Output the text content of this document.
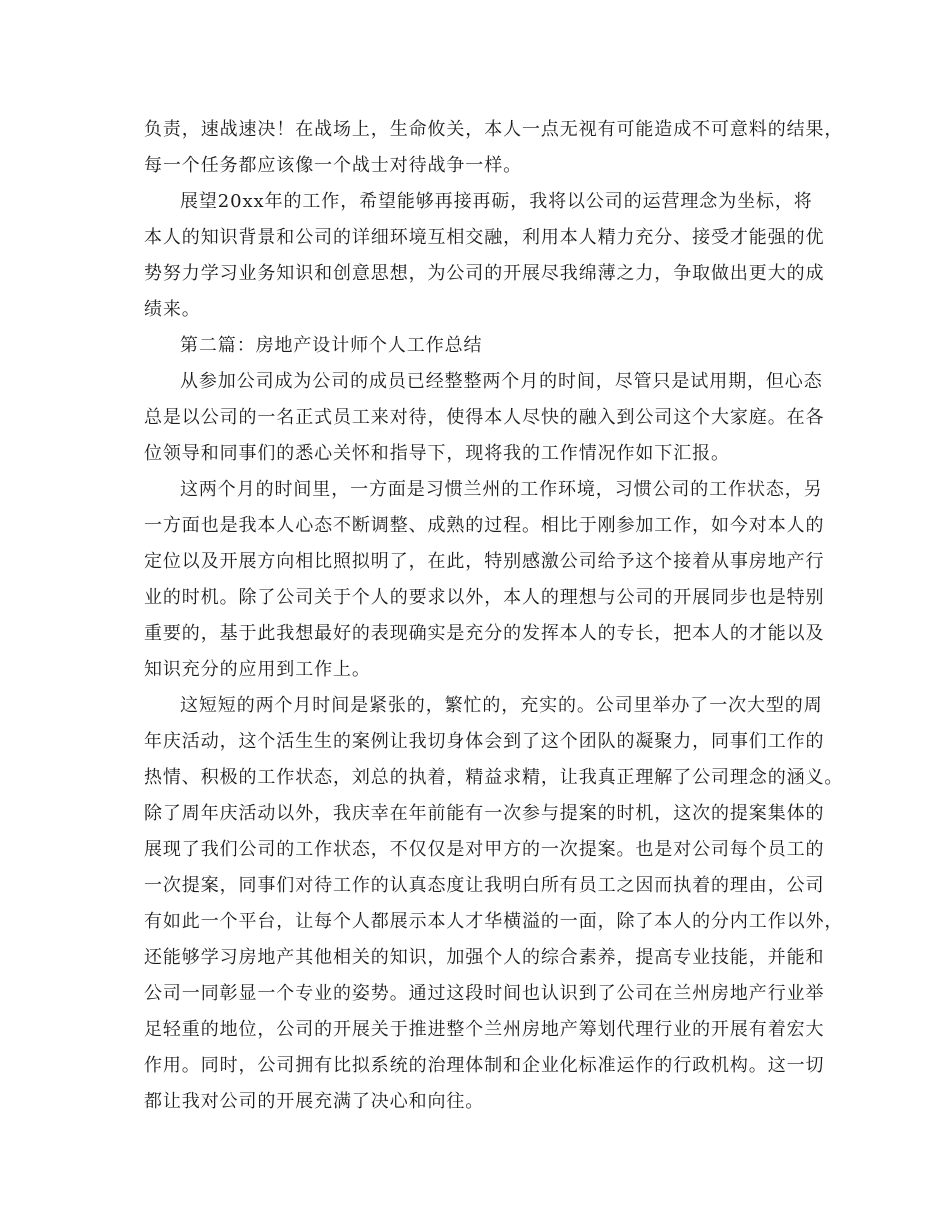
负责，速战速决！在战场上，生命攸关，本人一点无视有可能造成不可意料的结果，
每一个任务都应该像一个战士对待战争一样。
展望20xx年的工作，希望能够再接再砺，我将以公司的运营理念为坐标，将
本人的知识背景和公司的详细环境互相交融，利用本人精力充分、接受才能强的优
势努力学习业务知识和创意思想，为公司的开展尽我绵薄之力，争取做出更大的成
绩来。
第二篇：房地产设计师个人工作总结
从参加公司成为公司的成员已经整整两个月的时间，尽管只是试用期，但心态
总是以公司的一名正式员工来对待，使得本人尽快的融入到公司这个大家庭。在各
位领导和同事们的悉心关怀和指导下，现将我的工作情况作如下汇报。
这两个月的时间里，一方面是习惯兰州的工作环境，习惯公司的工作状态，另
一方面也是我本人心态不断调整、成熟的过程。相比于刚参加工作，如今对本人的
定位以及开展方向相比照拟明了，在此，特别感激公司给予这个接着从事房地产行
业的时机。除了公司关于个人的要求以外，本人的理想与公司的开展同步也是特别
重要的，基于此我想最好的表现确实是充分的发挥本人的专长，把本人的才能以及
知识充分的应用到工作上。
这短短的两个月时间是紧张的，繁忙的，充实的。公司里举办了一次大型的周
年庆活动，这个活生生的案例让我切身体会到了这个团队的凝聚力，同事们工作的
热情、积极的工作状态，刘总的执着，精益求精，让我真正理解了公司理念的涵义。
除了周年庆活动以外，我庆幸在年前能有一次参与提案的时机，这次的提案集体的
展现了我们公司的工作状态，不仅仅是对甲方的一次提案。也是对公司每个员工的
一次提案，同事们对待工作的认真态度让我明白所有员工之因而执着的理由，公司
有如此一个平台，让每个人都展示本人才华横溢的一面，除了本人的分内工作以外，
还能够学习房地产其他相关的知识，加强个人的综合素养，提高专业技能，并能和
公司一同彰显一个专业的姿势。通过这段时间也认识到了公司在兰州房地产行业举
足轻重的地位，公司的开展关于推进整个兰州房地产筹划代理行业的开展有着宏大
作用。同时，公司拥有比拟系统的治理体制和企业化标准运作的行政机构。这一切
都让我对公司的开展充满了决心和向往。
